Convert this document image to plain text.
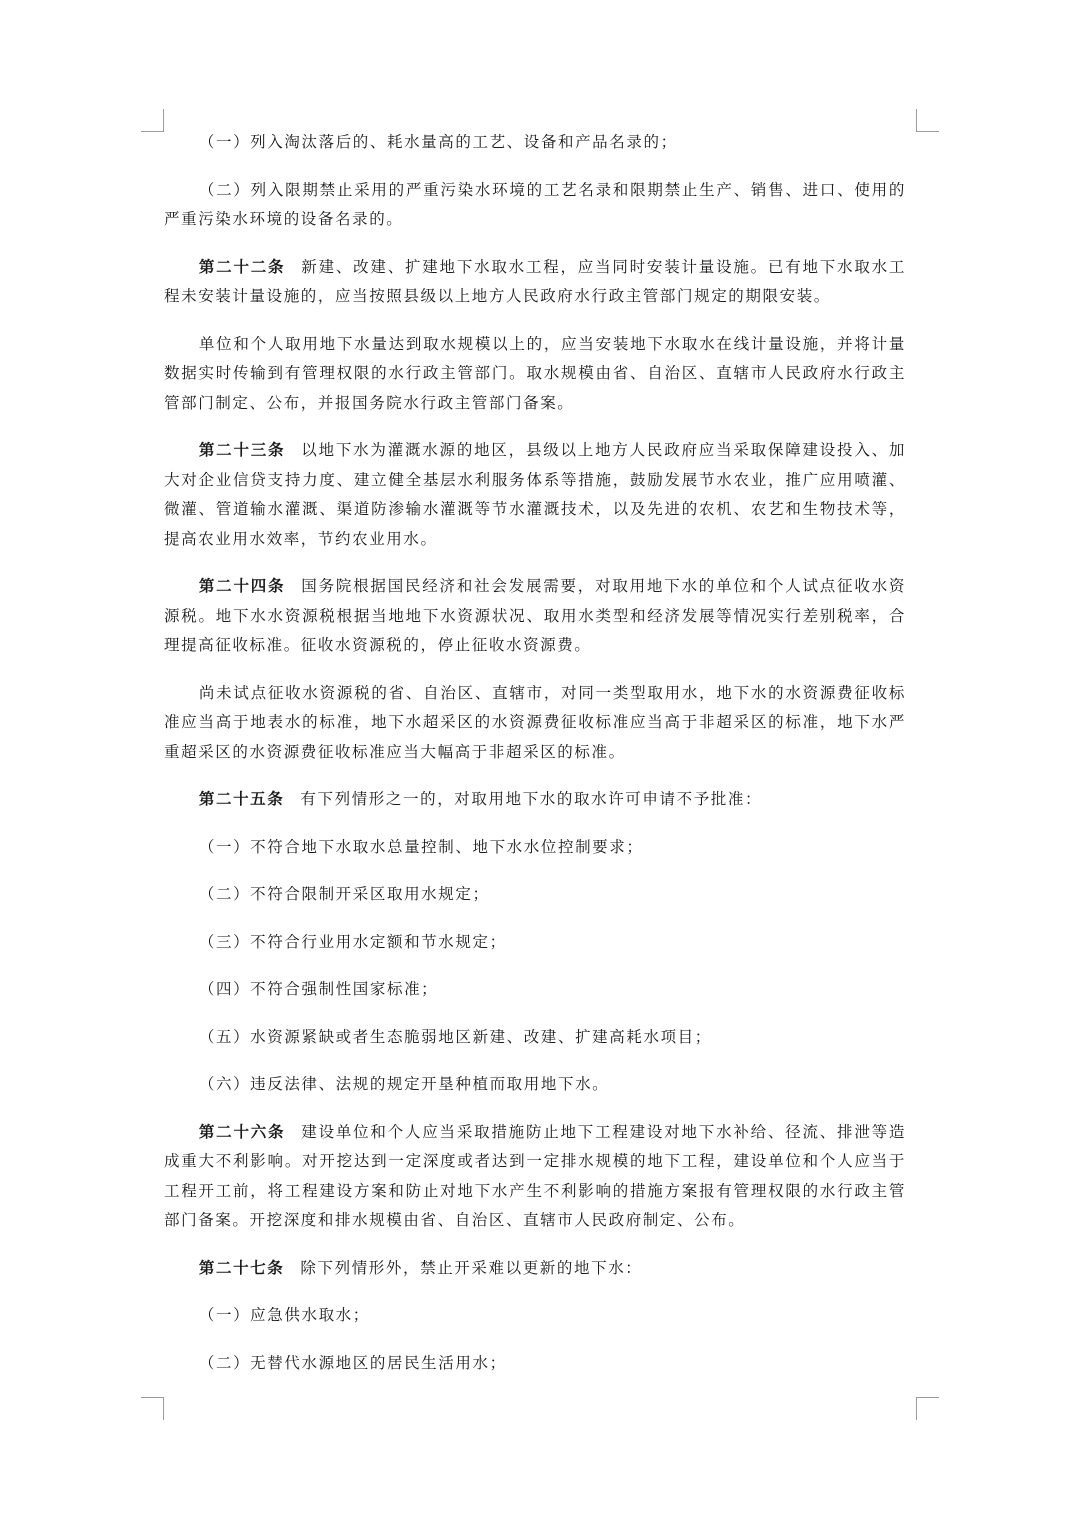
（一）列入淘汰落后的、耗水量高的工艺、设备和产品名录的；

（二）列入限期禁止采用的严重污染水环境的工艺名录和限期禁止生产、销售、进口、使用的严重污染水环境的设备名录的。

第二十二条 新建、改建、扩建地下水取水工程，应当同时安装计量设施。已有地下水取水工程未安装计量设施的，应当按照县级以上地方人民政府水行政主管部门规定的期限安装。

单位和个人取用地下水量达到取水规模以上的，应当安装地下水取水在线计量设施，并将计量数据实时传输到有管理权限的水行政主管部门。取水规模由省、自治区、直辖市人民政府水行政主管部门制定、公布，并报国务院水行政主管部门备案。

第二十三条 以地下水为灌溉水源的地区，县级以上地方人民政府应当采取保障建设投入、加大对企业信贷支持力度、建立健全基层水利服务体系等措施，鼓励发展节水农业，推广应用喷灌、微灌、管道输水灌溉、渠道防渗输水灌溉等节水灌溉技术，以及先进的农机、农艺和生物技术等，提高农业用水效率，节约农业用水。

第二十四条 国务院根据国民经济和社会发展需要，对取用地下水的单位和个人试点征收水资源税。地下水水资源税根据当地地下水资源状况、取用水类型和经济发展等情况实行差别税率，合理提高征收标准。征收水资源税的，停止征收水资源费。

尚未试点征收水资源税的省、自治区、直辖市，对同一类型取用水，地下水的水资源费征收标准应当高于地表水的标准，地下水超采区的水资源费征收标准应当高于非超采区的标准，地下水严重超采区的水资源费征收标准应当大幅高于非超采区的标准。

第二十五条 有下列情形之一的，对取用地下水的取水许可申请不予批准：

（一）不符合地下水取水总量控制、地下水水位控制要求；

（二）不符合限制开采区取用水规定；

（三）不符合行业用水定额和节水规定；

（四）不符合强制性国家标准；

（五）水资源紧缺或者生态脆弱地区新建、改建、扩建高耗水项目；

（六）违反法律、法规的规定开垦种植而取用地下水。

第二十六条 建设单位和个人应当采取措施防止地下工程建设对地下水补给、径流、排泄等造成重大不利影响。对开挖达到一定深度或者达到一定排水规模的地下工程，建设单位和个人应当于工程开工前，将工程建设方案和防止对地下水产生不利影响的措施方案报有管理权限的水行政主管部门备案。开挖深度和排水规模由省、自治区、直辖市人民政府制定、公布。

第二十七条 除下列情形外，禁止开采难以更新的地下水：

（一）应急供水取水；

（二）无替代水源地区的居民生活用水；
